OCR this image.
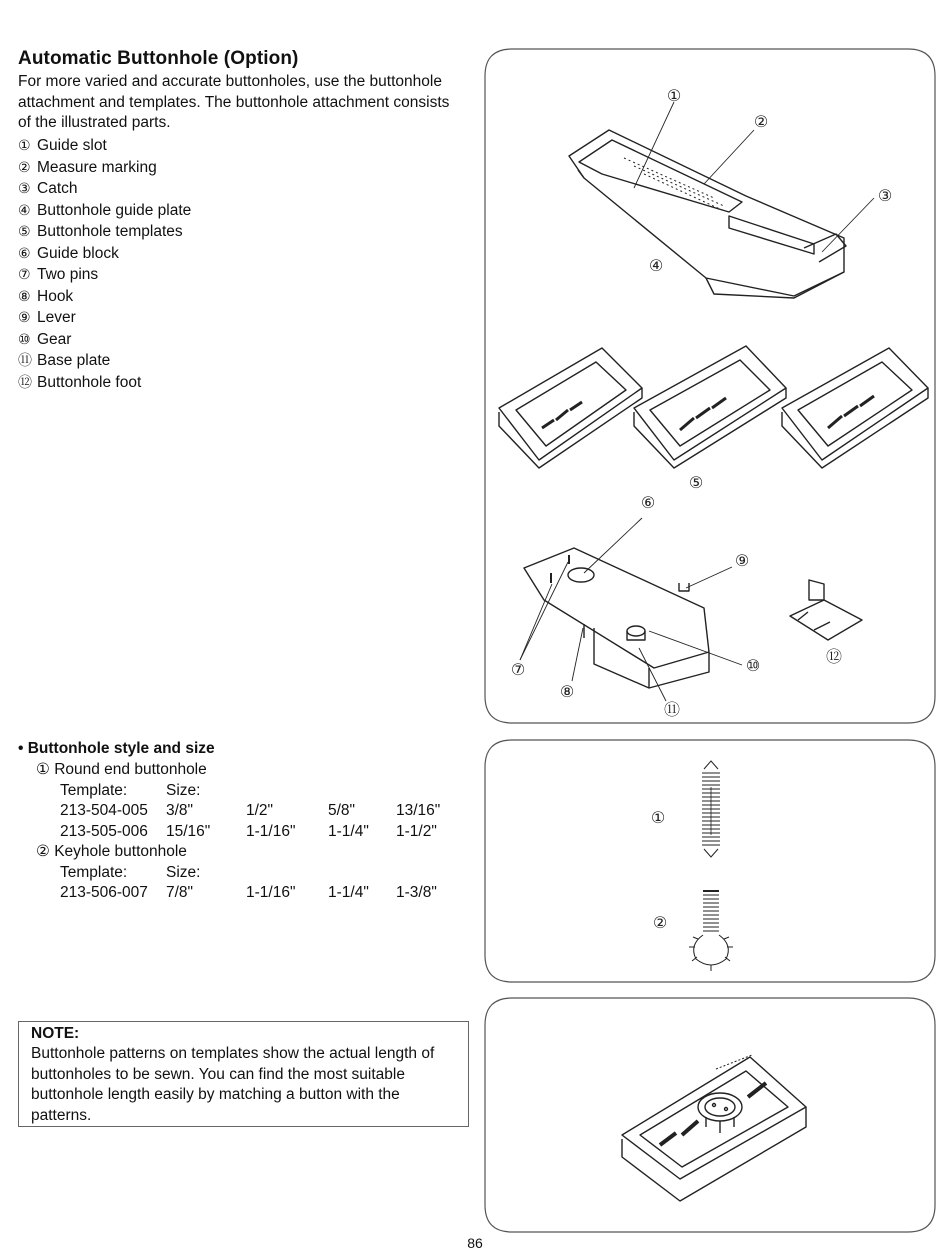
Automatic Buttonhole (Option)
For more varied and accurate buttonholes, use the buttonhole attachment and templates. The buttonhole attachment consists of the illustrated parts.
① Guide slot
② Measure marking
③ Catch
④ Buttonhole guide plate
⑤ Buttonhole templates
⑥ Guide block
⑦ Two pins
⑧ Hook
⑨ Lever
⑩ Gear
⑪ Base plate
⑫ Buttonhole foot
• Buttonhole style and size
① Round end buttonhole
Template:	Size:
213-504-005 3/8"	1/2"	5/8"	13/16"
213-505-006 15/16" 1-1/16" 1-1/4" 1-1/2"
② Keyhole buttonhole
Template:	Size:
213-506-007 7/8"	1-1/16" 1-1/4" 1-3/8"
NOTE:
Buttonhole patterns on templates show the actual length of buttonholes to be sewn. You can find the most suitable buttonhole length easily by matching a button with the patterns.
①
②
③
④
⑤
⑥
⑦
⑧
⑨
⑩
⑪
⑫
①
②
86
